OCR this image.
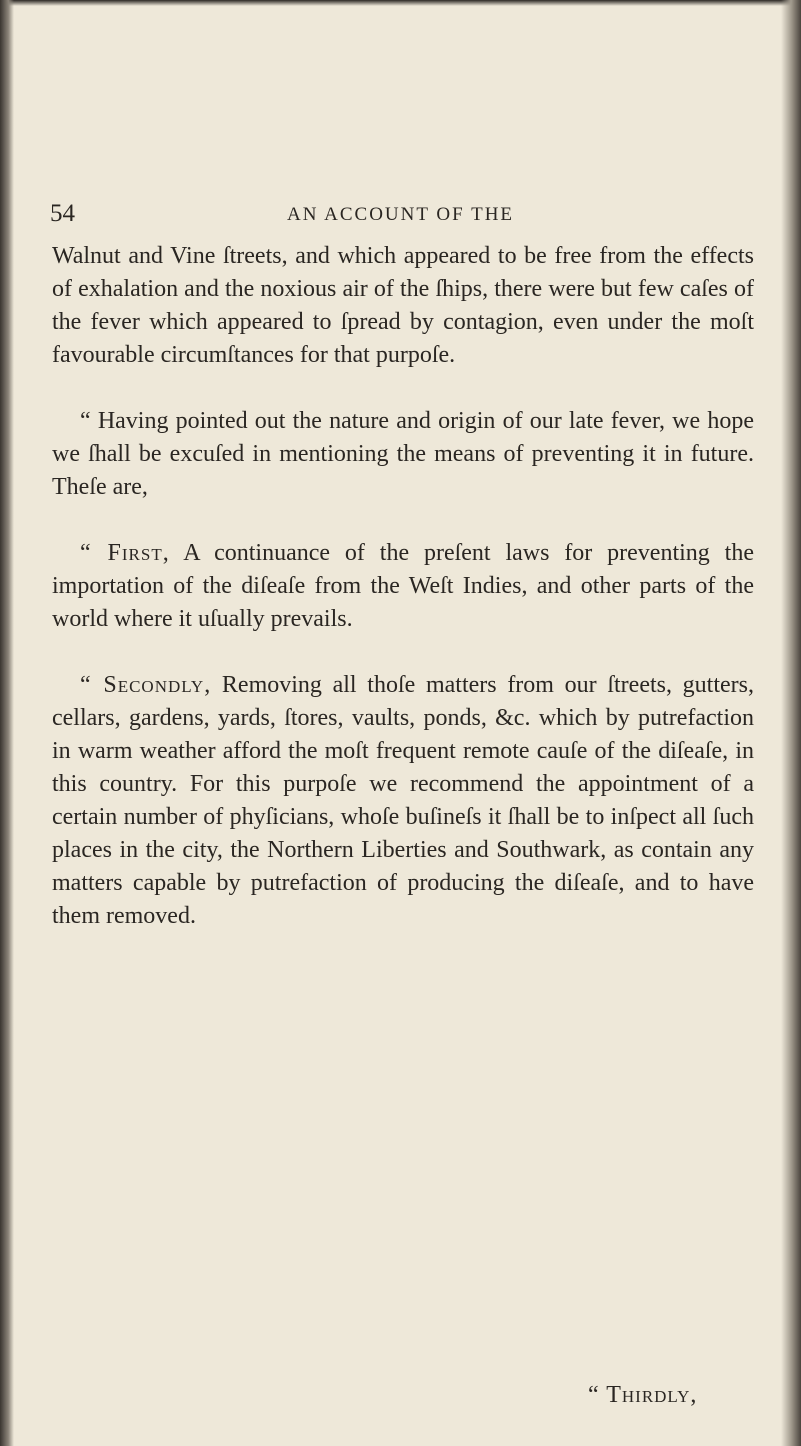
54	AN ACCOUNT OF THE

Walnut and Vine ſtreets, and which appeared to be free from the effects of exhalation and the noxious air of the ſhips, there were but few caſes of the fever which appeared to ſpread by contagion, even under the moſt favourable circumſtances for that purpoſe.

“ Having pointed out the nature and origin of our late fever, we hope we ſhall be excuſed in mentioning the means of preventing it in future. Theſe are,

“ First, A continuance of the preſent laws for preventing the importation of the diſeaſe from the Weſt Indies, and other parts of the world where it uſually prevails.

“ Secondly, Removing all thoſe matters from our ſtreets, gutters, cellars, gardens, yards, ſtores, vaults, ponds, &c. which by putrefaction in warm weather afford the moſt frequent remote cauſe of the diſeaſe, in this country. For this purpoſe we recommend the appointment of a certain number of phyſicians, whoſe buſineſs it ſhall be to inſpect all ſuch places in the city, the Northern Liberties and Southwark, as contain any matters capable by putrefaction of producing the diſeaſe, and to have them removed.

“ Thirdly,
